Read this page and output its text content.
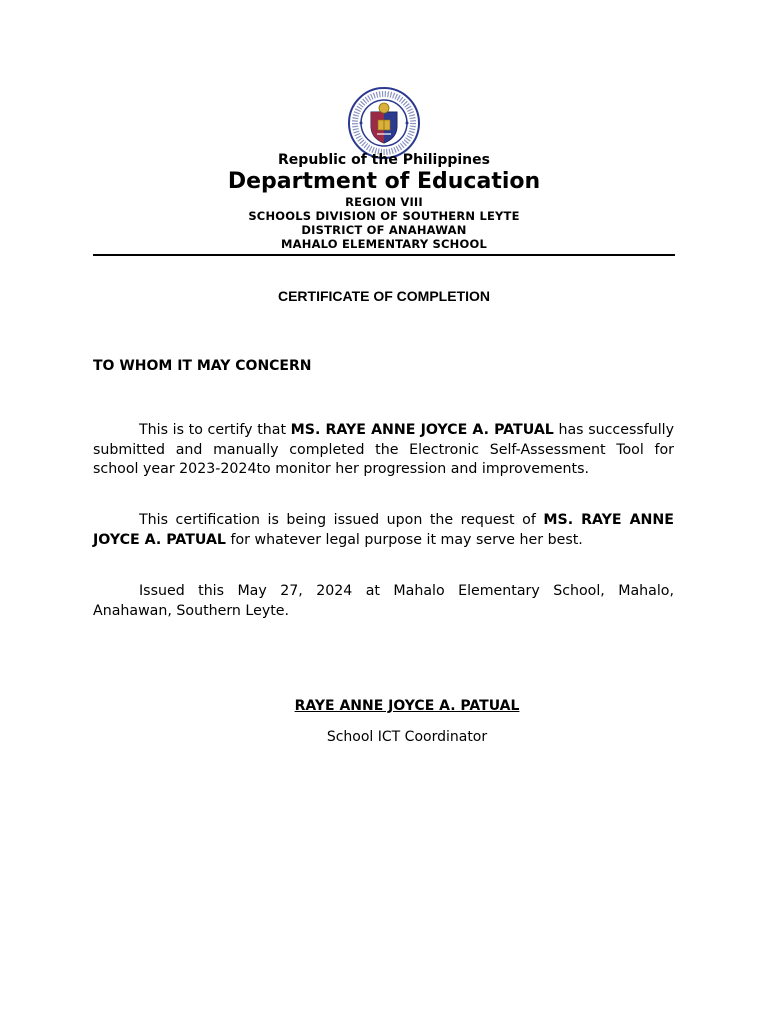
Republic of the Philippines
Department of Education
REGION VIII
SCHOOLS DIVISION OF SOUTHERN LEYTE
DISTRICT OF ANAHAWAN
MAHALO ELEMENTARY SCHOOL
CERTIFICATE OF COMPLETION
TO WHOM IT MAY CONCERN

This is to certify that MS. RAYE ANNE JOYCE A. PATUAL has successfully submitted and manually completed the Electronic Self-Assessment Tool for school year 2023-2024to monitor her progression and improvements.

This certification is being issued upon the request of MS. RAYE ANNE JOYCE A. PATUAL for whatever legal purpose it may serve her best.

Issued this May 27, 2024 at Mahalo Elementary School, Mahalo, Anahawan, Southern Leyte.

RAYE ANNE JOYCE A. PATUAL
School ICT Coordinator
